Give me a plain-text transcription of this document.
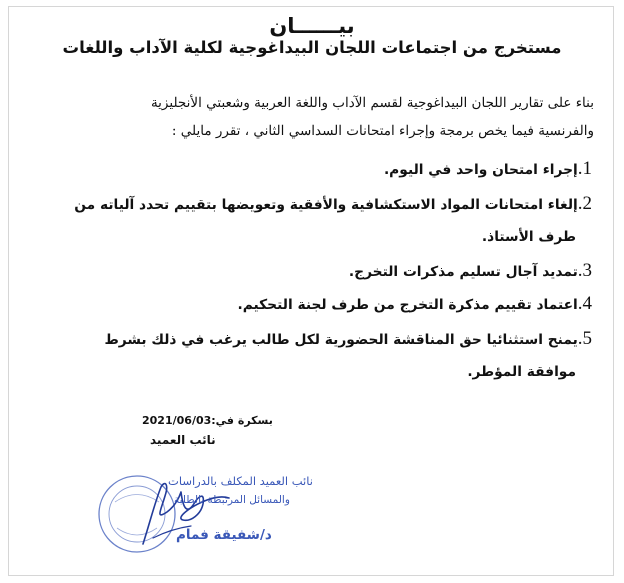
بيــــــان
مستخرج من اجتماعات اللجان البيداغوجية لكلية الآداب واللغات
بناء على تقارير اللجان البيداغوجية لقسم الآداب واللغة العربية وشعبتي الأنجليزية
والفرنسية فيما يخص برمجة وإجراء امتحانات السداسي الثاني ، تقرر مايلي :
1.إجراء امتحان واحد في اليوم.
2.إلغاء امتحانات المواد الاستكشافية والأفقية وتعويضها بتقييم تحدد آلياته من
طرف الأستاذ.
3.تمديد آجال تسليم مذكرات التخرج.
4.اعتماد تقييم مذكرة التخرج من طرف لجنة التحكيم.
5.يمنح استثنائيا حق المناقشة الحضورية لكل طالب يرغب في ذلك بشرط
موافقة المؤطر.
بسكرة في:2021/06/03
نائب العميد
نائب العميد المكلف بالدراسات
والمسائل المرتبطة بالطلبة
د/شفيقة فمام
